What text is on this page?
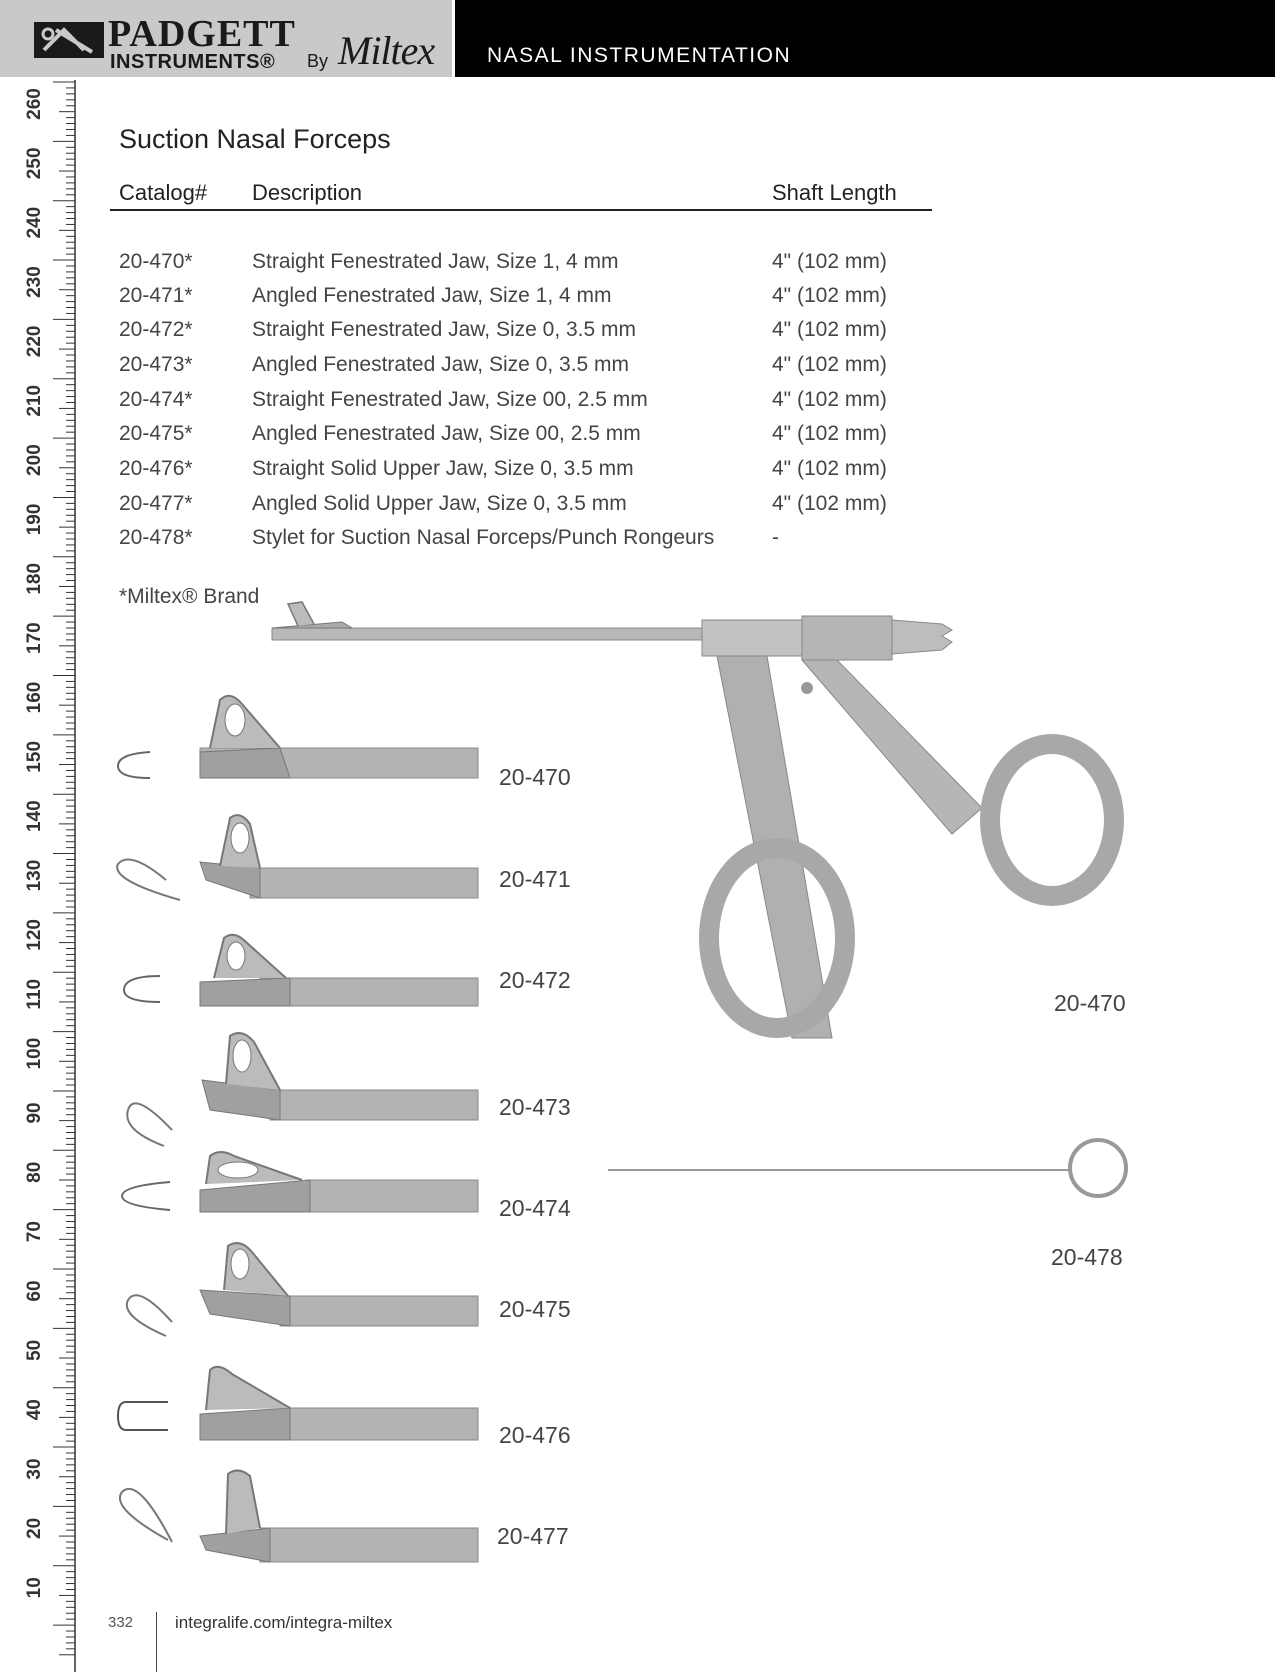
PADGETT
INSTRUMENTS® By Miltex	NASAL INSTRUMENTATION
260
250
240
230
220
210
200
190
180
170
160
150
140
130
120
110
100
90
80
70
60
50
40
30
20
10
Suction Nasal Forceps
Catalog# Description	Shaft Length
20-470*	Straight Fenestrated Jaw, Size 1, 4 mm	4" (102 mm)
20-471*	Angled Fenestrated Jaw, Size 1, 4 mm	4" (102 mm)
20-472*	Straight Fenestrated Jaw, Size 0, 3.5 mm	4" (102 mm)
20-473*	Angled Fenestrated Jaw, Size 0, 3.5 mm	4" (102 mm)
20-474*	Straight Fenestrated Jaw, Size 00, 2.5 mm	4" (102 mm)
20-475*	Angled Fenestrated Jaw, Size 00, 2.5 mm	4" (102 mm)
20-476*	Straight Solid Upper Jaw, Size 0, 3.5 mm	4" (102 mm)
20-477*	Angled Solid Upper Jaw, Size 0, 3.5 mm	4" (102 mm)
20-478*	Stylet for Suction Nasal Forceps/Punch Rongeurs	-
*Miltex® Brand
20-470
20-471
20-472
20-473
20-474
20-475
20-476
20-477
20-470
20-478
332 integralife.com/integra-miltex
